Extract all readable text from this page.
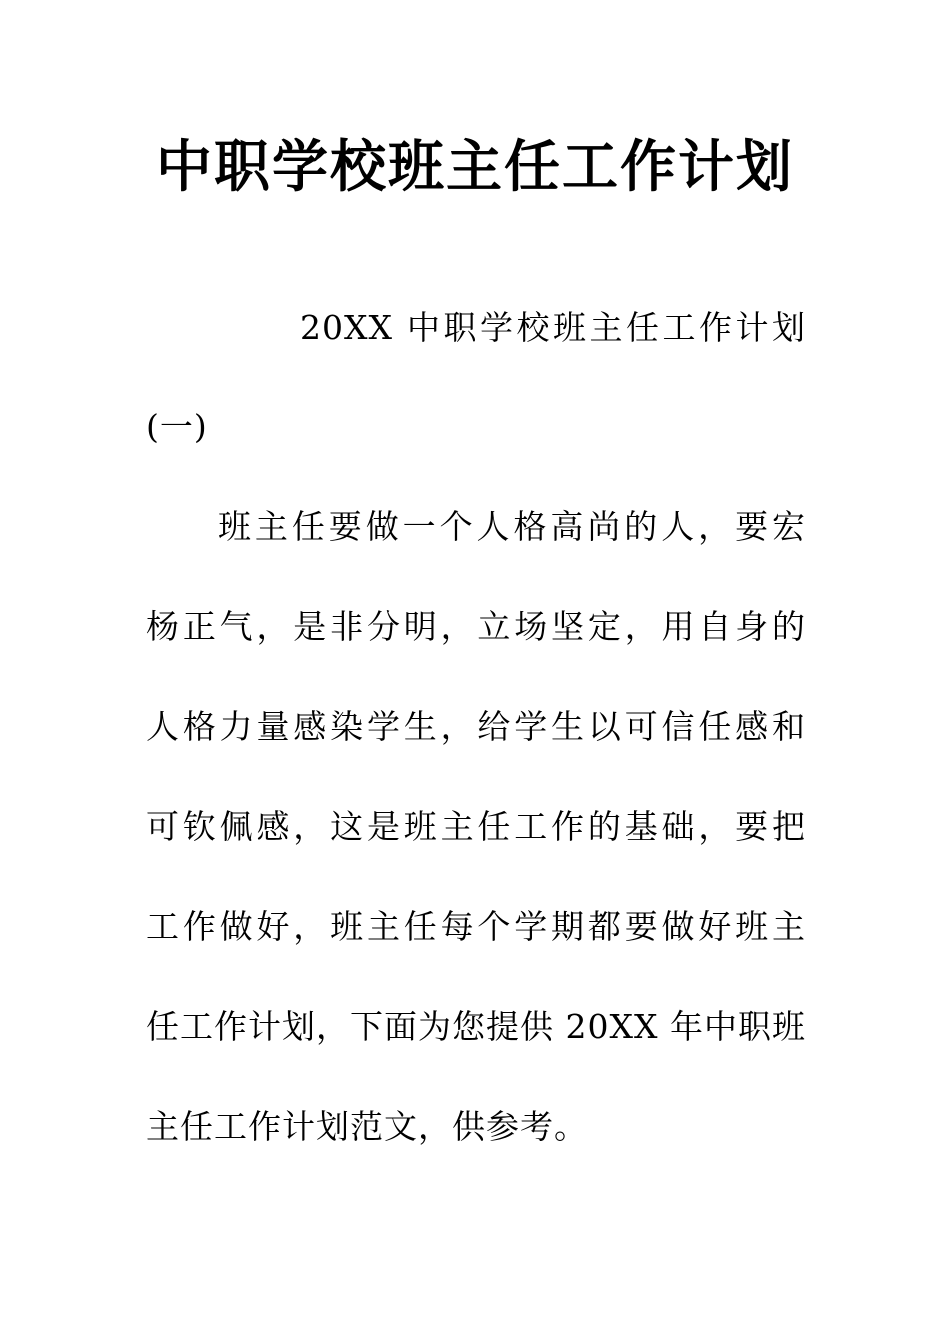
中职学校班主任工作计划
20XX 中职学校班主任工作计划
(一)
班主任要做一个人格高尚的人，要宏
杨正气，是非分明，立场坚定，用自身的
人格力量感染学生，给学生以可信任感和
可钦佩感，这是班主任工作的基础，要把
工作做好，班主任每个学期都要做好班主
任工作计划，下面为您提供 20XX 年中职班
主任工作计划范文，供参考。
